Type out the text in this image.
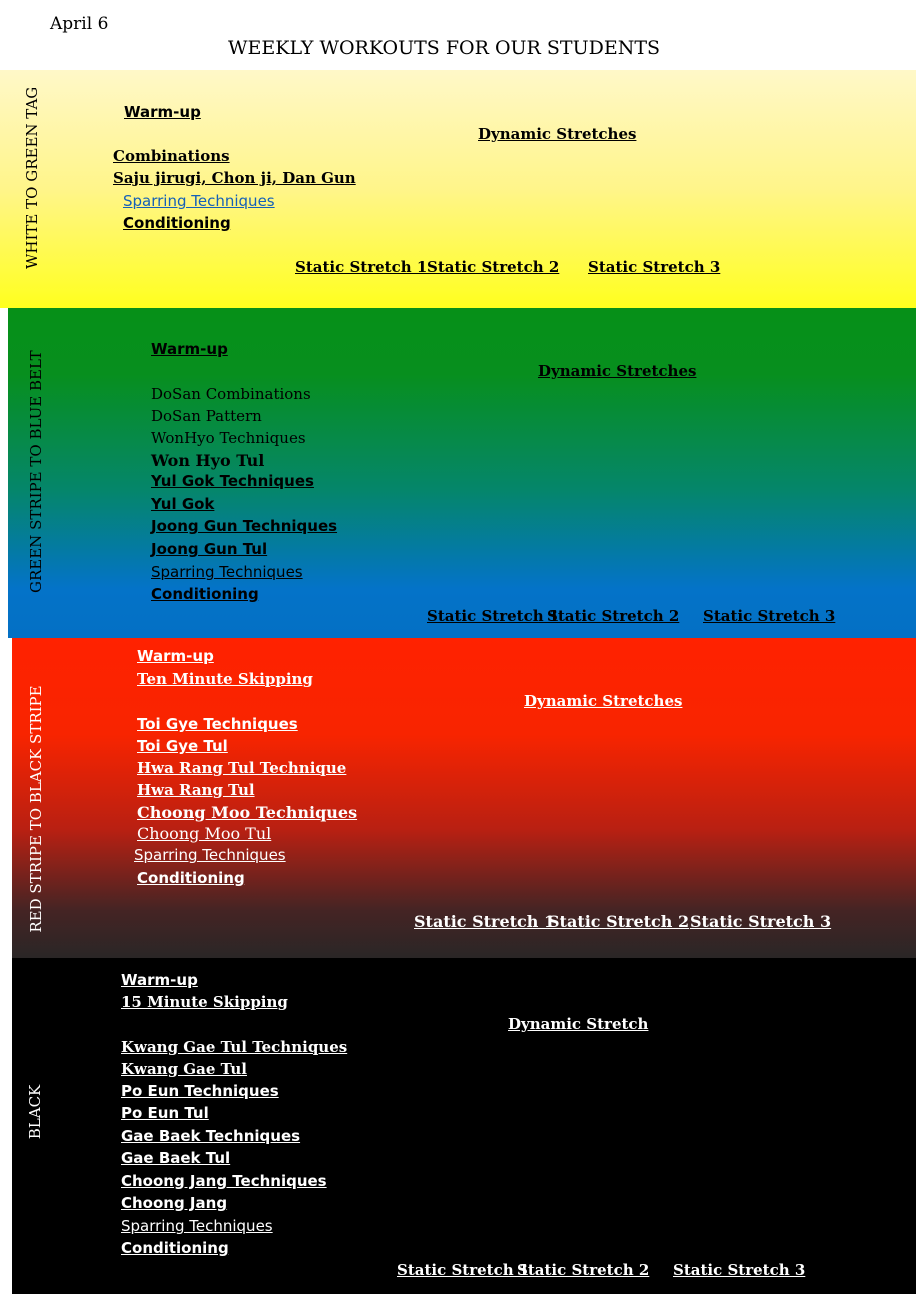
April 6
WEEKLY WORKOUTS FOR OUR STUDENTS
WHITE TO GREEN TAG	Warm-up
Dynamic Stretches
Combinations
Saju jirugi, Chon ji, Dan Gun
Sparring Techniques
Conditioning
Static Stretch 1 Static Stretch 2 Static Stretch 3
GREEN STRIPE TO BLUE BELT
Warm-up
Dynamic Stretches
DoSan Combinations
DoSan Pattern
WonHyo Techniques
Won Hyo Tul
Yul Gok Techniques
Yul Gok
Joong Gun Techniques
Joong Gun Tul
Sparring Techniques
Conditioning
Static Stretch 1
Static Stretch 2 Static Stretch 3
RED STRIPE TO BLACK STRIPE
Warm-up
Ten Minute Skipping
Dynamic Stretches
Toi Gye Techniques
Toi Gye Tul
Hwa Rang Tul Technique
Hwa Rang Tul
Choong Moo Techniques
Choong Moo Tul
Sparring Techniques
Conditioning
Static Stretch 1
Static Stretch 2 Static Stretch 3
BLACK
Warm-up
15 Minute Skipping
Dynamic Stretch
Kwang Gae Tul Techniques
Kwang Gae Tul
Po Eun Techniques
Po Eun Tul
Gae Baek Techniques
Gae Baek Tul
Choong Jang Techniques
Choong Jang
Sparring Techniques
Conditioning
Static Stretch 1
Static Stretch 2 Static Stretch 3
